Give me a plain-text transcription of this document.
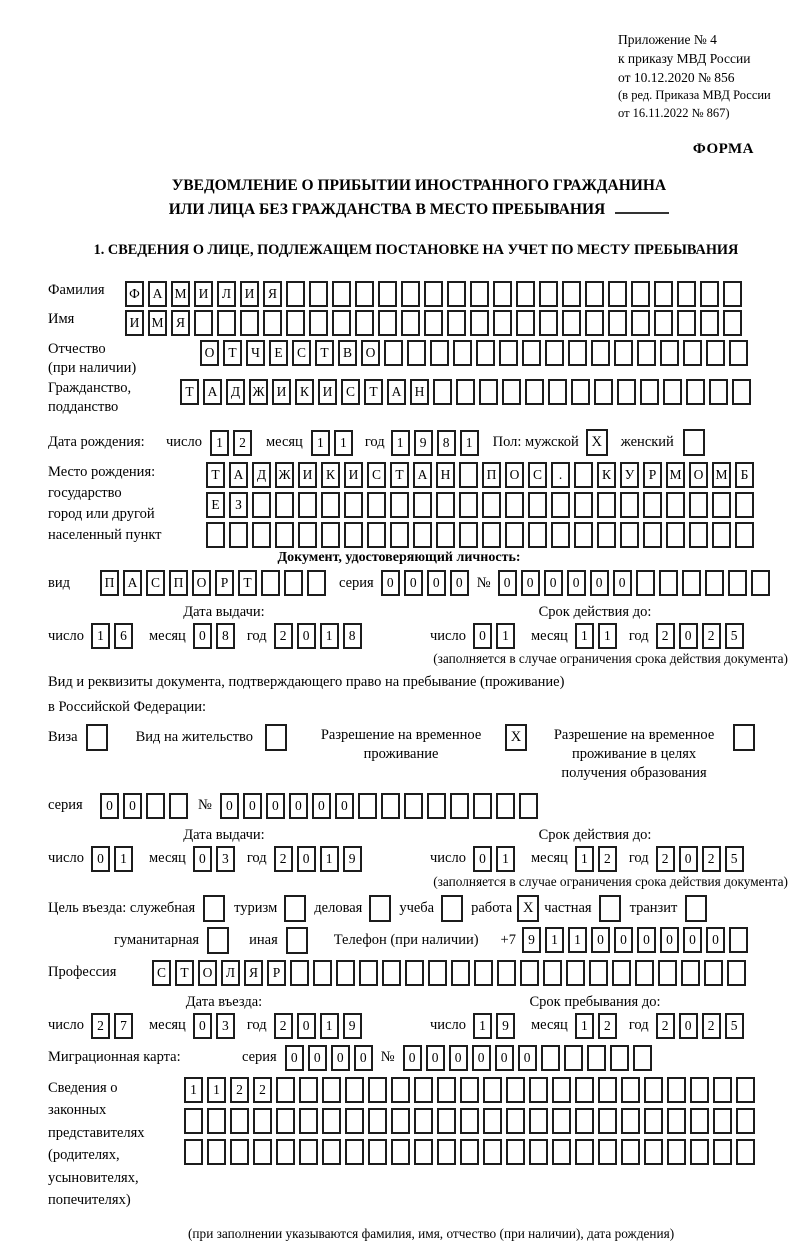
Приложение № 4
к приказу МВД России
от 10.12.2020 № 856
(в ред. Приказа МВД России
от 16.11.2022 № 867)
ФОРМА
УВЕДОМЛЕНИЕ О ПРИБЫТИИ ИНОСТРАННОГО ГРАЖДАНИНА
ИЛИ ЛИЦА БЕЗ ГРАЖДАНСТВА В МЕСТО ПРЕБЫВАНИЯ
1. СВЕДЕНИЯ О ЛИЦЕ, ПОДЛЕЖАЩЕМ ПОСТАНОВКЕ НА УЧЕТ ПО МЕСТУ ПРЕБЫВАНИЯ
Фамилия	Ф А М И	Л	И	Я
Имя	И М Я
Отчество
(при наличии)
О	Т	Ч	Е	С	Т	В	О
Гражданство,
подданство
Т	А	Д Ж И	К	И	С	Т	А Н
Дата рождения:	число	1	2	месяц	1	1	год 1	9	8	1	Пол: мужской X	женский
Место рождения:
государство
город или другой
населенный пункт
Т	А	Д Ж И	К	И	С	Т	А Н	П О	С	.	К	У	Р М О М Б
Е	З
Документ, удостоверяющий личность:
вид	П А	С	П О	Р	Т	серия 0	0	0	0 № 0	0	0	0	0	0
Дата выдачи:	Срок действия до:
число 1	6	месяц 0	8	год 2	0	1	8	число 0	1	месяц 1	1	год 2	0	2	5
(заполняется в случае ограничения срока действия документа)
Вид и реквизиты документа, подтверждающего право на пребывание (проживание)
в Российской Федерации:
Виза	Вид на жительство	Разрешение на временное проживание
X	Разрешение на временное проживание в целях получения образования
серия	0	0	№	0	0	0	0	0	0
Дата выдачи:	Срок действия до:
число 0	1	месяц 0	3	год 2	0	1	9	число 0	1	месяц 1	2	год 2	0	2	5
(заполняется в случае ограничения срока действия документа)
Цель въезда: служебная	туризм	деловая	учеба	работа X частная	транзит
гуманитарная	иная	Телефон (при наличии) +7 9	1	1	0	0	0	0	0	0
Профессия	С	Т	О	Л	Я	Р
Дата въезда:	Срок пребывания до:
число 2	7	месяц 0	3	год 2	0	1	9	число 1	9	месяц 1	2	год 2	0	2	5
Миграционная карта:	серия	0	0	0	0 №	0	0	0	0	0	0
Сведения о
законных
представителях
(родителях,
усыновителях,
попечителях)
1	1	2	2
(при заполнении указываются фамилия, имя, отчество (при наличии), дата рождения)
